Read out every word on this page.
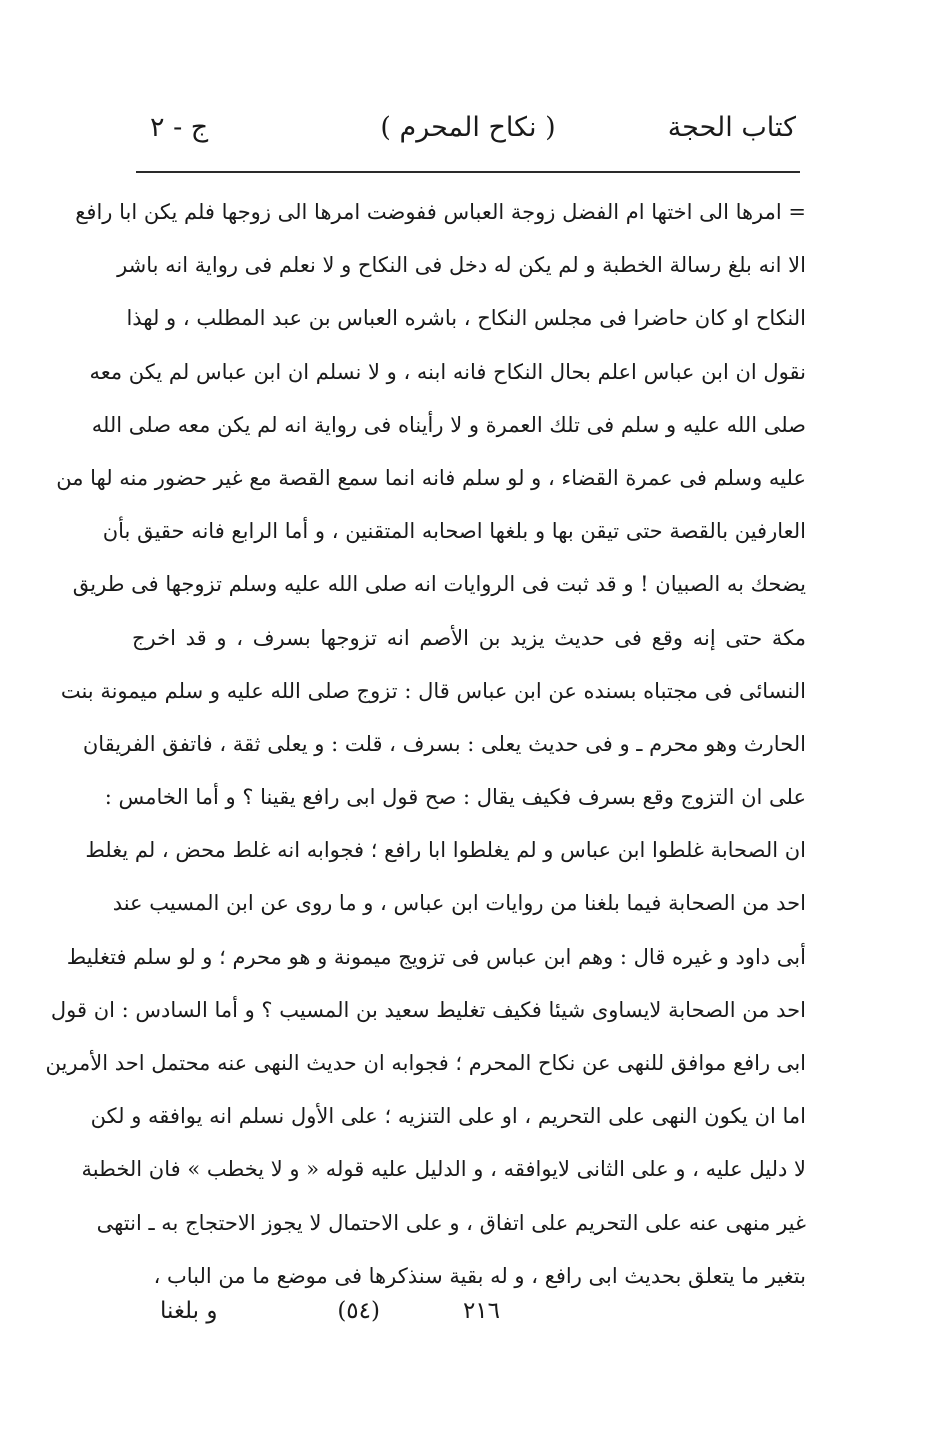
كتاب الحجة
( نكاح المحرم )
ج - ٢
= امرها الى اختها ام الفضل زوجة العباس ففوضت امرها الى زوجها فلم يكن ابا رافع
الا انه بلغ رسالة الخطبة و لم يكن له دخل فى النكاح و لا نعلم فى رواية انه باشر
النكاح او كان حاضرا فى مجلس النكاح ، باشره العباس بن عبد المطلب ، و لهذا
نقول ان ابن عباس اعلم بحال النكاح فانه ابنه ، و لا نسلم ان ابن عباس لم يكن معه
صلى الله عليه و سلم فى تلك العمرة و لا رأيناه فى رواية انه لم يكن معه صلى الله
عليه وسلم فى عمرة القضاء ، و لو سلم فانه انما سمع القصة مع غير حضور منه لها من
العارفين بالقصة حتى تيقن بها و بلغها اصحابه المتقنين ، و أما الرابع فانه حقيق بأن
يضحك به الصبيان ! و قد ثبت فى الروايات انه صلى الله عليه وسلم تزوجها فى طريق
مكة حتى إنه وقع فى حديث يزيد بن الأصم انه تزوجها بسرف ، و قد اخرج
النسائى فى مجتباه بسنده عن ابن عباس قال : تزوج صلى الله عليه و سلم ميمونة بنت
الحارث وهو محرم ـ و فى حديث يعلى : بسرف ، قلت : و يعلى ثقة ، فاتفق الفريقان
على ان التزوج وقع بسرف فكيف يقال : صح قول ابى رافع يقينا ؟ و أما الخامس :
ان الصحابة غلطوا ابن عباس و لم يغلطوا ابا رافع ؛ فجوابه انه غلط محض ، لم يغلط
احد من الصحابة فيما بلغنا من روايات ابن عباس ، و ما روى عن ابن المسيب عند
أبى داود و غيره قال : وهم ابن عباس فى تزويج ميمونة و هو محرم ؛ و لو سلم فتغليط
احد من الصحابة لايساوى شيئا فكيف تغليط سعيد بن المسيب ؟ و أما السادس : ان قول
ابى رافع موافق للنهى عن نكاح المحرم ؛ فجوابه ان حديث النهى عنه محتمل احد الأمرين
اما ان يكون النهى على التحريم ، او على التنزيه ؛ على الأول نسلم انه يوافقه و لكن
لا دليل عليه ، و على الثانى لايوافقه ، و الدليل عليه قوله « و لا يخطب » فان الخطبة
غير منهى عنه على التحريم على اتفاق ، و على الاحتمال لا يجوز الاحتجاج به ـ انتهى
بتغير ما يتعلق بحديث ابى رافع ، و له بقية سنذكرها فى موضع ما من الباب ،
٢١٦
(٥٤)
و بلغنا
